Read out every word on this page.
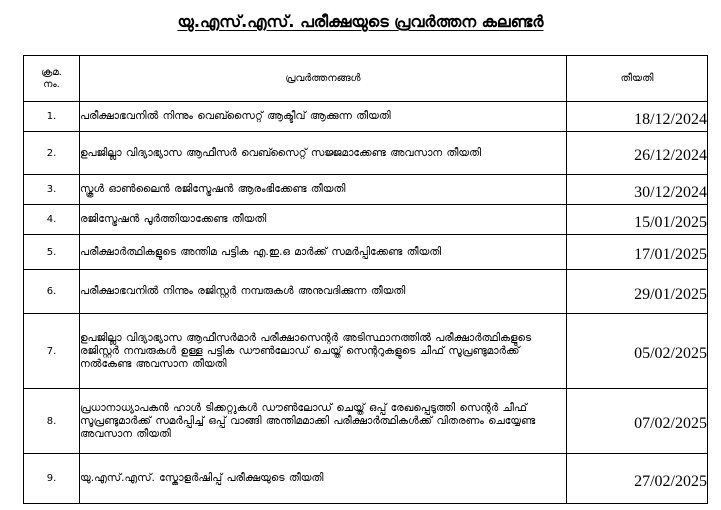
യു.എസ്.എസ്. പരീക്ഷയുടെ പ്രവർത്തന കലണ്ടർ
ക്രമ.
നം.	പ്രവർത്തനങ്ങൾ	തീയതി
1.	പരീക്ഷാഭവനിൽ നിന്നും വെബ്സൈറ്റ് ആക്ടീവ് ആക്കുന്ന തീയതി	18/12/2024
2.	ഉപജില്ലാ വിദ്യാഭ്യാസ ആഫീസർ വെബ്സൈറ്റ് സജ്ജമാക്കേണ്ട അവസാന തീയതി	26/12/2024
3.	സ്കൂൾ ഓൺലൈൻ രജിസ്ട്രേഷൻ ആരംഭിക്കേണ്ട തീയതി	30/12/2024
4.	രജിസ്ട്രേഷൻ പൂർത്തിയാക്കേണ്ട തീയതി	15/01/2025
5.	പരീക്ഷാർത്ഥികളുടെ അന്തിമ പട്ടിക എ.ഇ.ഒ മാർക്ക് സമർപ്പിക്കേണ്ട തീയതി	17/01/2025
6.	പരീക്ഷാഭവനിൽ നിന്നും രജിസ്റ്റർ നമ്പരുകൾ അനുവദിക്കുന്ന തീയതി	29/01/2025
7.	ഉപജില്ലാ വിദ്യാഭ്യാസ ആഫീസർമാർ പരീക്ഷാസെന്റർ അടിസ്ഥാനത്തിൽ പരീക്ഷാർത്ഥികളുടെ രജിസ്റ്റർ നമ്പരുകൾ ഉള്ള പട്ടിക ഡൗൺലോഡ് ചെയ്ത് സെന്ററുകളുടെ ചീഫ് സൂപ്രണ്ടുമാർക്ക് നൽകേണ്ട അവസാന തീയതി	05/02/2025
8.	പ്രധാനാധ്യാപകൻ ഹാൾ ടിക്കറ്റുകൾ ഡൗൺലോഡ് ചെയ്ത് ഒപ്പ് രേഖപ്പെടുത്തി സെന്റർ ചീഫ് സൂപ്രണ്ടുമാർക്ക് സമർപ്പിച്ച് ഒപ്പ് വാങ്ങി അന്തിമമാക്കി പരീക്ഷാർത്ഥികൾക്ക് വിതരണം ചെയ്യേണ്ട അവസാന തീയതി	07/02/2025
9.	യു.എസ്.എസ്. സ്കോളർഷിപ്പ് പരീക്ഷയുടെ തീയതി	27/02/2025
